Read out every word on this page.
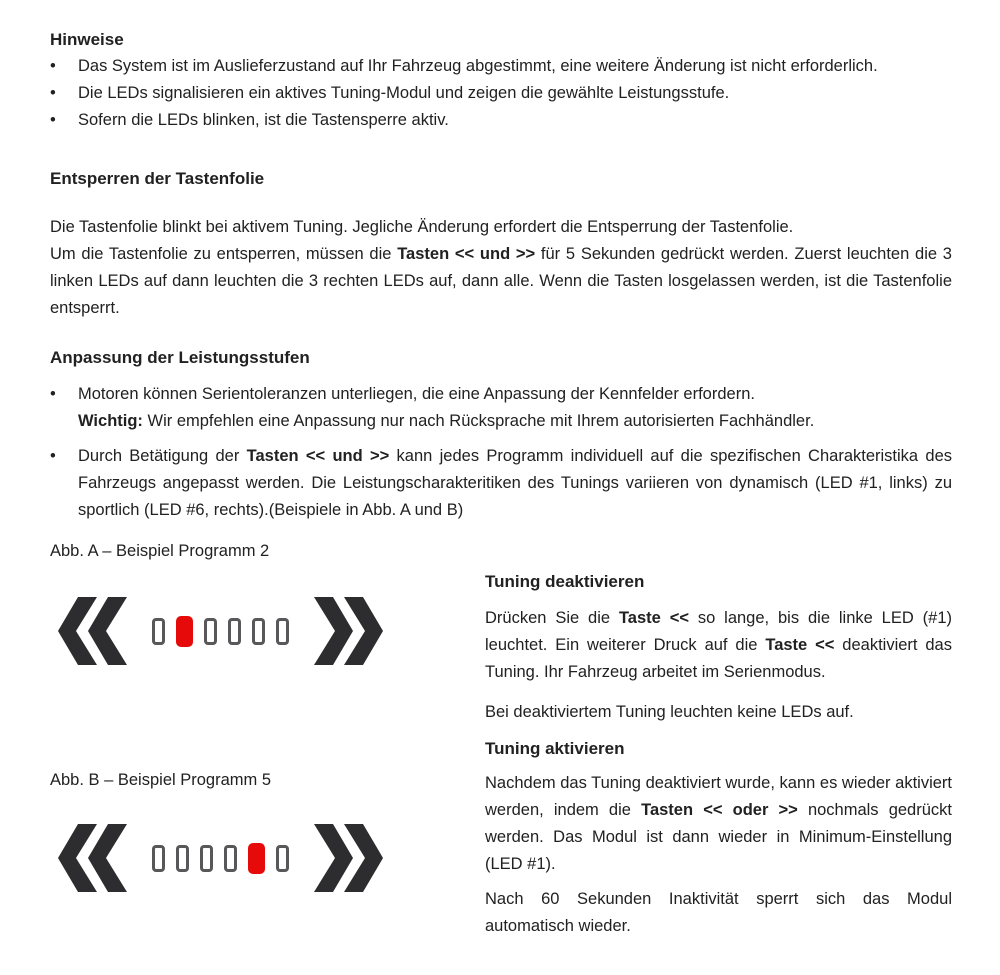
Hinweise
•	Das System ist im Auslieferzustand auf Ihr Fahrzeug abgestimmt, eine weitere Änderung ist nicht erforderlich.
•	Die LEDs signalisieren ein aktives Tuning-Modul und zeigen die gewählte Leistungsstufe.
•	Sofern die LEDs blinken, ist die Tastensperre aktiv.
Entsperren der Tastenfolie

Die Tastenfolie blinkt bei aktivem Tuning. Jegliche Änderung erfordert die Entsperrung der Tastenfolie.

Um die Tastenfolie zu entsperren, müssen die Tasten << und >> für 5 Sekunden gedrückt werden. Zuerst leuchten die 3 linken LEDs auf dann leuchten die 3 rechten LEDs auf, dann alle. Wenn die Tasten losgelassen werden, ist die Tastenfolie entsperrt.

Anpassung der Leistungsstufen
•	Motoren können Serientoleranzen unterliegen, die eine Anpassung der Kennfelder erfordern.
Wichtig: Wir empfehlen eine Anpassung nur nach Rücksprache mit Ihrem autorisierten Fachhändler.
•	Durch Betätigung der Tasten << und >> kann jedes Programm individuell auf die spezifischen Charakteristika des Fahrzeugs angepasst werden. Die Leistungscharakteritiken des Tunings variieren von dynamisch (LED #1, links) zu sportlich (LED #6, rechts).(Beispiele in Abb. A und B)

Abb. A – Beispiel Programm 2

Abb. B – Beispiel Programm 5

Tuning deaktivieren

Drücken Sie die Taste << so lange, bis die linke LED (#1) leuchtet. Ein weiterer Druck auf die Taste << deaktiviert das Tuning. Ihr Fahrzeug arbeitet im Serienmodus.

Bei deaktiviertem Tuning leuchten keine LEDs auf.

Tuning aktivieren

Nachdem das Tuning deaktiviert wurde, kann es wieder aktiviert werden, indem die Tasten << oder >> nochmals gedrückt werden. Das Modul ist dann wieder in Minimum-Einstellung (LED #1).

Nach 60 Sekunden Inaktivität sperrt sich das Modul automatisch wieder.
